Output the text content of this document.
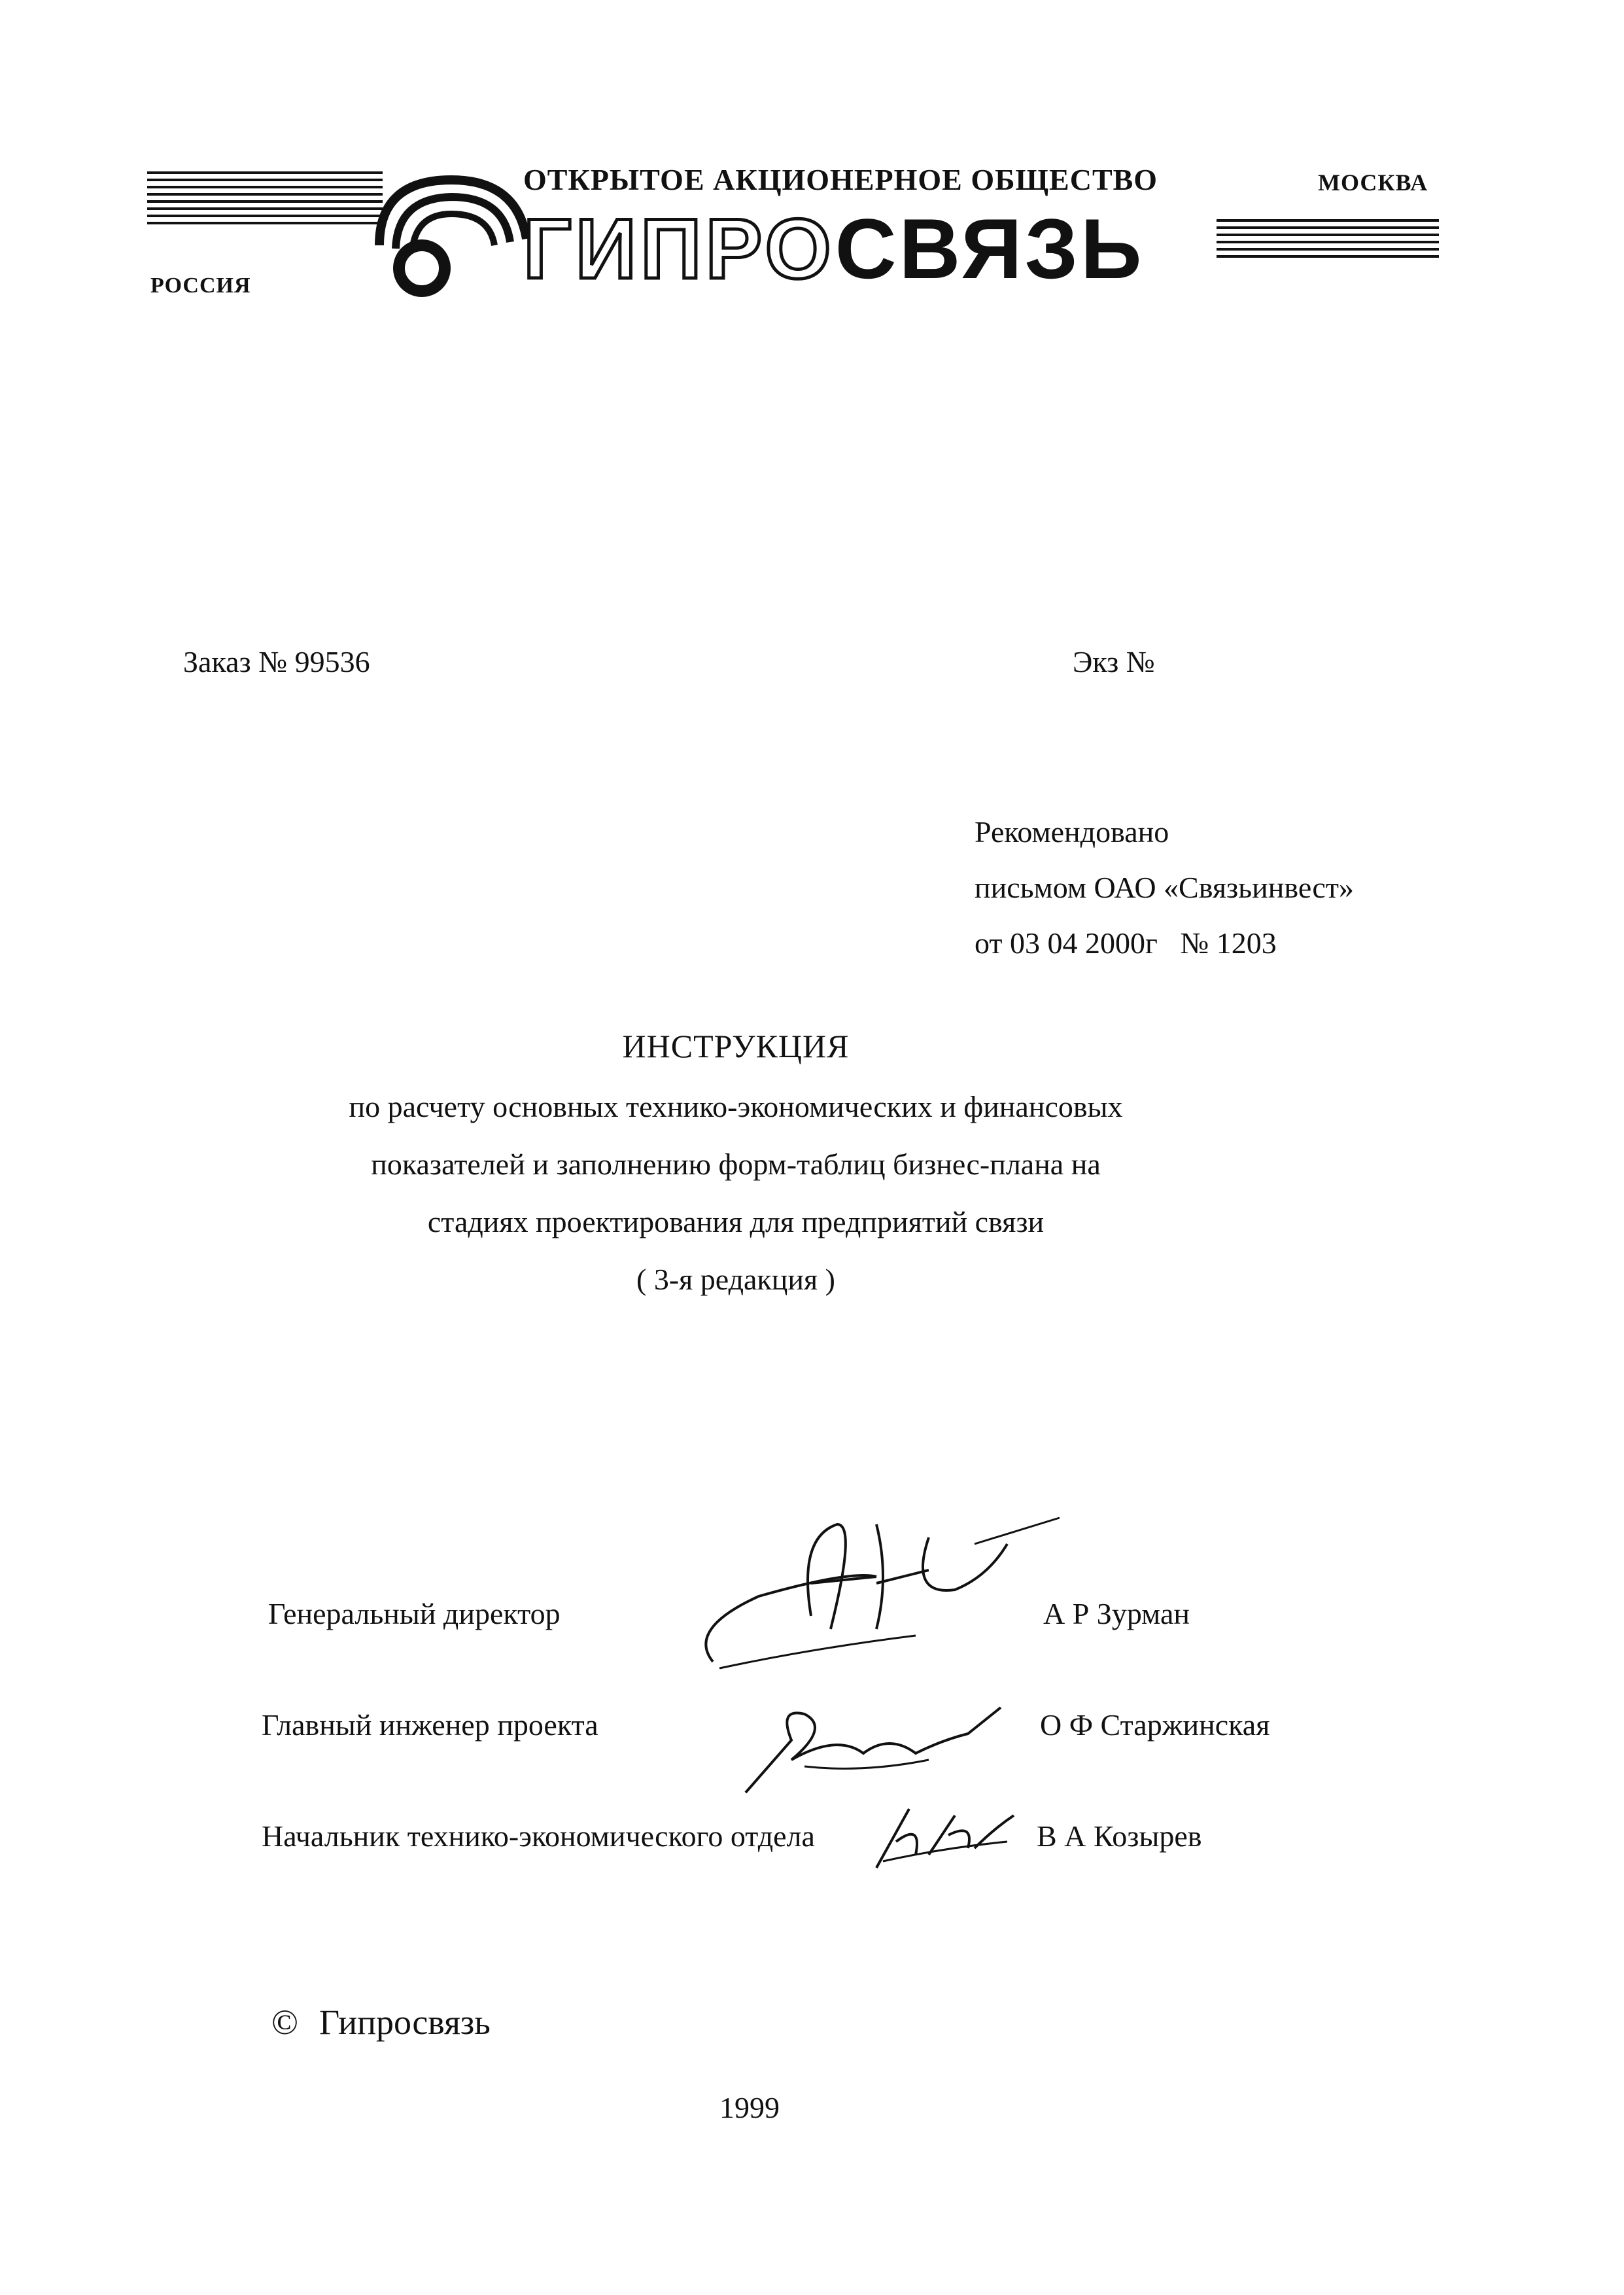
ОТКРЫТОЕ АКЦИОНЕРНОЕ ОБЩЕСТВО	МОСКВА
РОССИЯ	ГИПРОСВЯЗЬ
Заказ № 99536	Экз №
Рекомендовано
письмом ОАО «Связьинвест»
от 03 04 2000г   № 1203
ИНСТРУКЦИЯ
по расчету основных технико-экономических и финансовых
показателей и заполнению форм-таблиц бизнес-плана на
стадиях проектирования для предприятий связи
( 3-я редакция )
Генеральный директор	А Р Зурман
Главный инженер проекта	О Ф Старжинская
Начальник технико-экономического отдела	В А Козырев
© Гипросвязь
1999
